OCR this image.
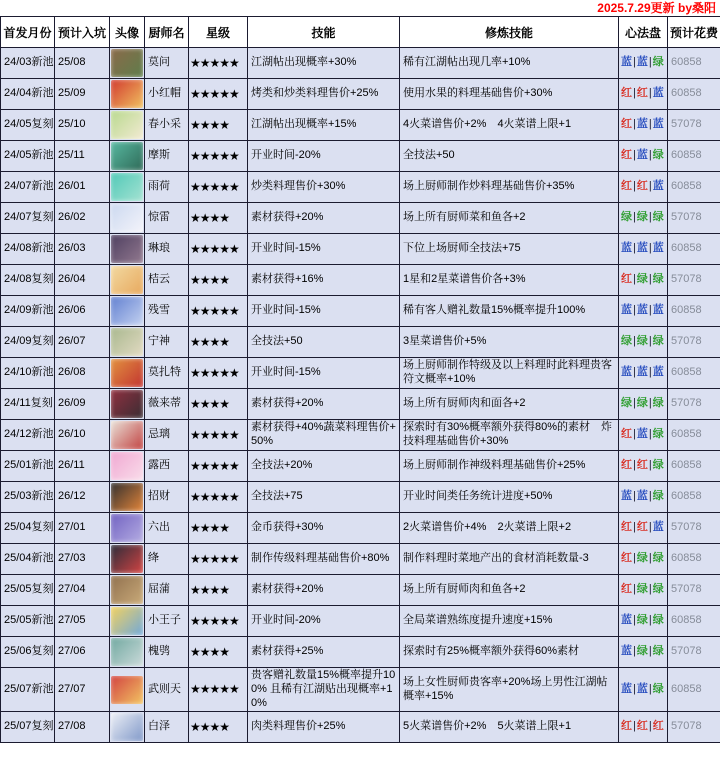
2025.7.29更新 by桑阳
首发月份	预计入坑	头像	厨师名	星级	技能	修炼技能	心法盘	预计花费
24/03新池	25/08		莫问	★★★★★	江湖帖出现概率+30%	稀有江湖帖出现几率+10%	蓝|蓝|绿	60858
24/04新池	25/09		小红帽	★★★★★	烤类和炒类料理售价+25%	使用水果的料理基础售价+30%	红|红|蓝	60858
24/05复刻	25/10		春小采	★★★★	江湖帖出现概率+15%	4火菜谱售价+2%　4火菜谱上限+1	红|蓝|蓝	57078
24/05新池	25/11		摩斯	★★★★★	开业时间-20%	全技法+50	红|蓝|绿	60858
24/07新池	26/01		雨荷	★★★★★	炒类料理售价+30%	场上厨师制作炒料理基础售价+35%	红|红|蓝	60858
24/07复刻	26/02		惊雷	★★★★	素材获得+20%	场上所有厨师菜和鱼各+2	绿|绿|绿	57078
24/08新池	26/03		琳琅	★★★★★	开业时间-15%	下位上场厨师全技法+75	蓝|蓝|蓝	60858
24/08复刻	26/04		桔云	★★★★	素材获得+16%	1星和2星菜谱售价各+3%	红|绿|绿	57078
24/09新池	26/06		残雪	★★★★★	开业时间-15%	稀有客人赠礼数量15%概率提升100%	蓝|蓝|蓝	60858
24/09复刻	26/07		宁神	★★★★	全技法+50	3星菜谱售价+5%	绿|绿|绿	57078
24/10新池	26/08		莫扎特	★★★★★	开业时间-15%	场上厨师制作特级及以上料理时此料理贵客符文概率+10%	蓝|蓝|蓝	60858
24/11复刻	26/09		薇来蒂	★★★★	素材获得+20%	场上所有厨师肉和面各+2	绿|绿|绿	57078
24/12新池	26/10		忌璃	★★★★★	素材获得+40%蔬菜料理售价+50%	探索时有30%概率额外获得80%的素材　炸技料理基础售价+30%	红|蓝|绿	60858
25/01新池	26/11		露西	★★★★★	全技法+20%	场上厨师制作神级料理基础售价+25%	红|红|绿	60858
25/03新池	26/12		招财	★★★★★	全技法+75	开业时间类任务统计进度+50%	蓝|蓝|绿	60858
25/04复刻	27/01		六出	★★★★	金币获得+30%	2火菜谱售价+4%　2火菜谱上限+2	红|红|蓝	57078
25/04新池	27/03		绛	★★★★★	制作传级料理基础售价+80%	制作料理时菜地产出的食材消耗数量-3	红|绿|绿	60858
25/05复刻	27/04		屈蒲	★★★★	素材获得+20%	场上所有厨师肉和鱼各+2	红|绿|绿	57078
25/05新池	27/05		小王子	★★★★★	开业时间-20%	全局菜谱熟练度提升速度+15%	蓝|绿|绿	60858
25/06复刻	27/06		槐鸮	★★★★	素材获得+25%	探索时有25%概率额外获得60%素材	蓝|绿|绿	57078
25/07新池	27/07		武则天	★★★★★	贵客赠礼数量15%概率提升100% 且稀有江湖贴出现概率+10%	场上女性厨师贵客率+20%场上男性江湖帖概率+15%	蓝|蓝|绿	60858
25/07复刻	27/08		白泽	★★★★	肉类料理售价+25%	5火菜谱售价+2%　5火菜谱上限+1	红|红|红	57078
